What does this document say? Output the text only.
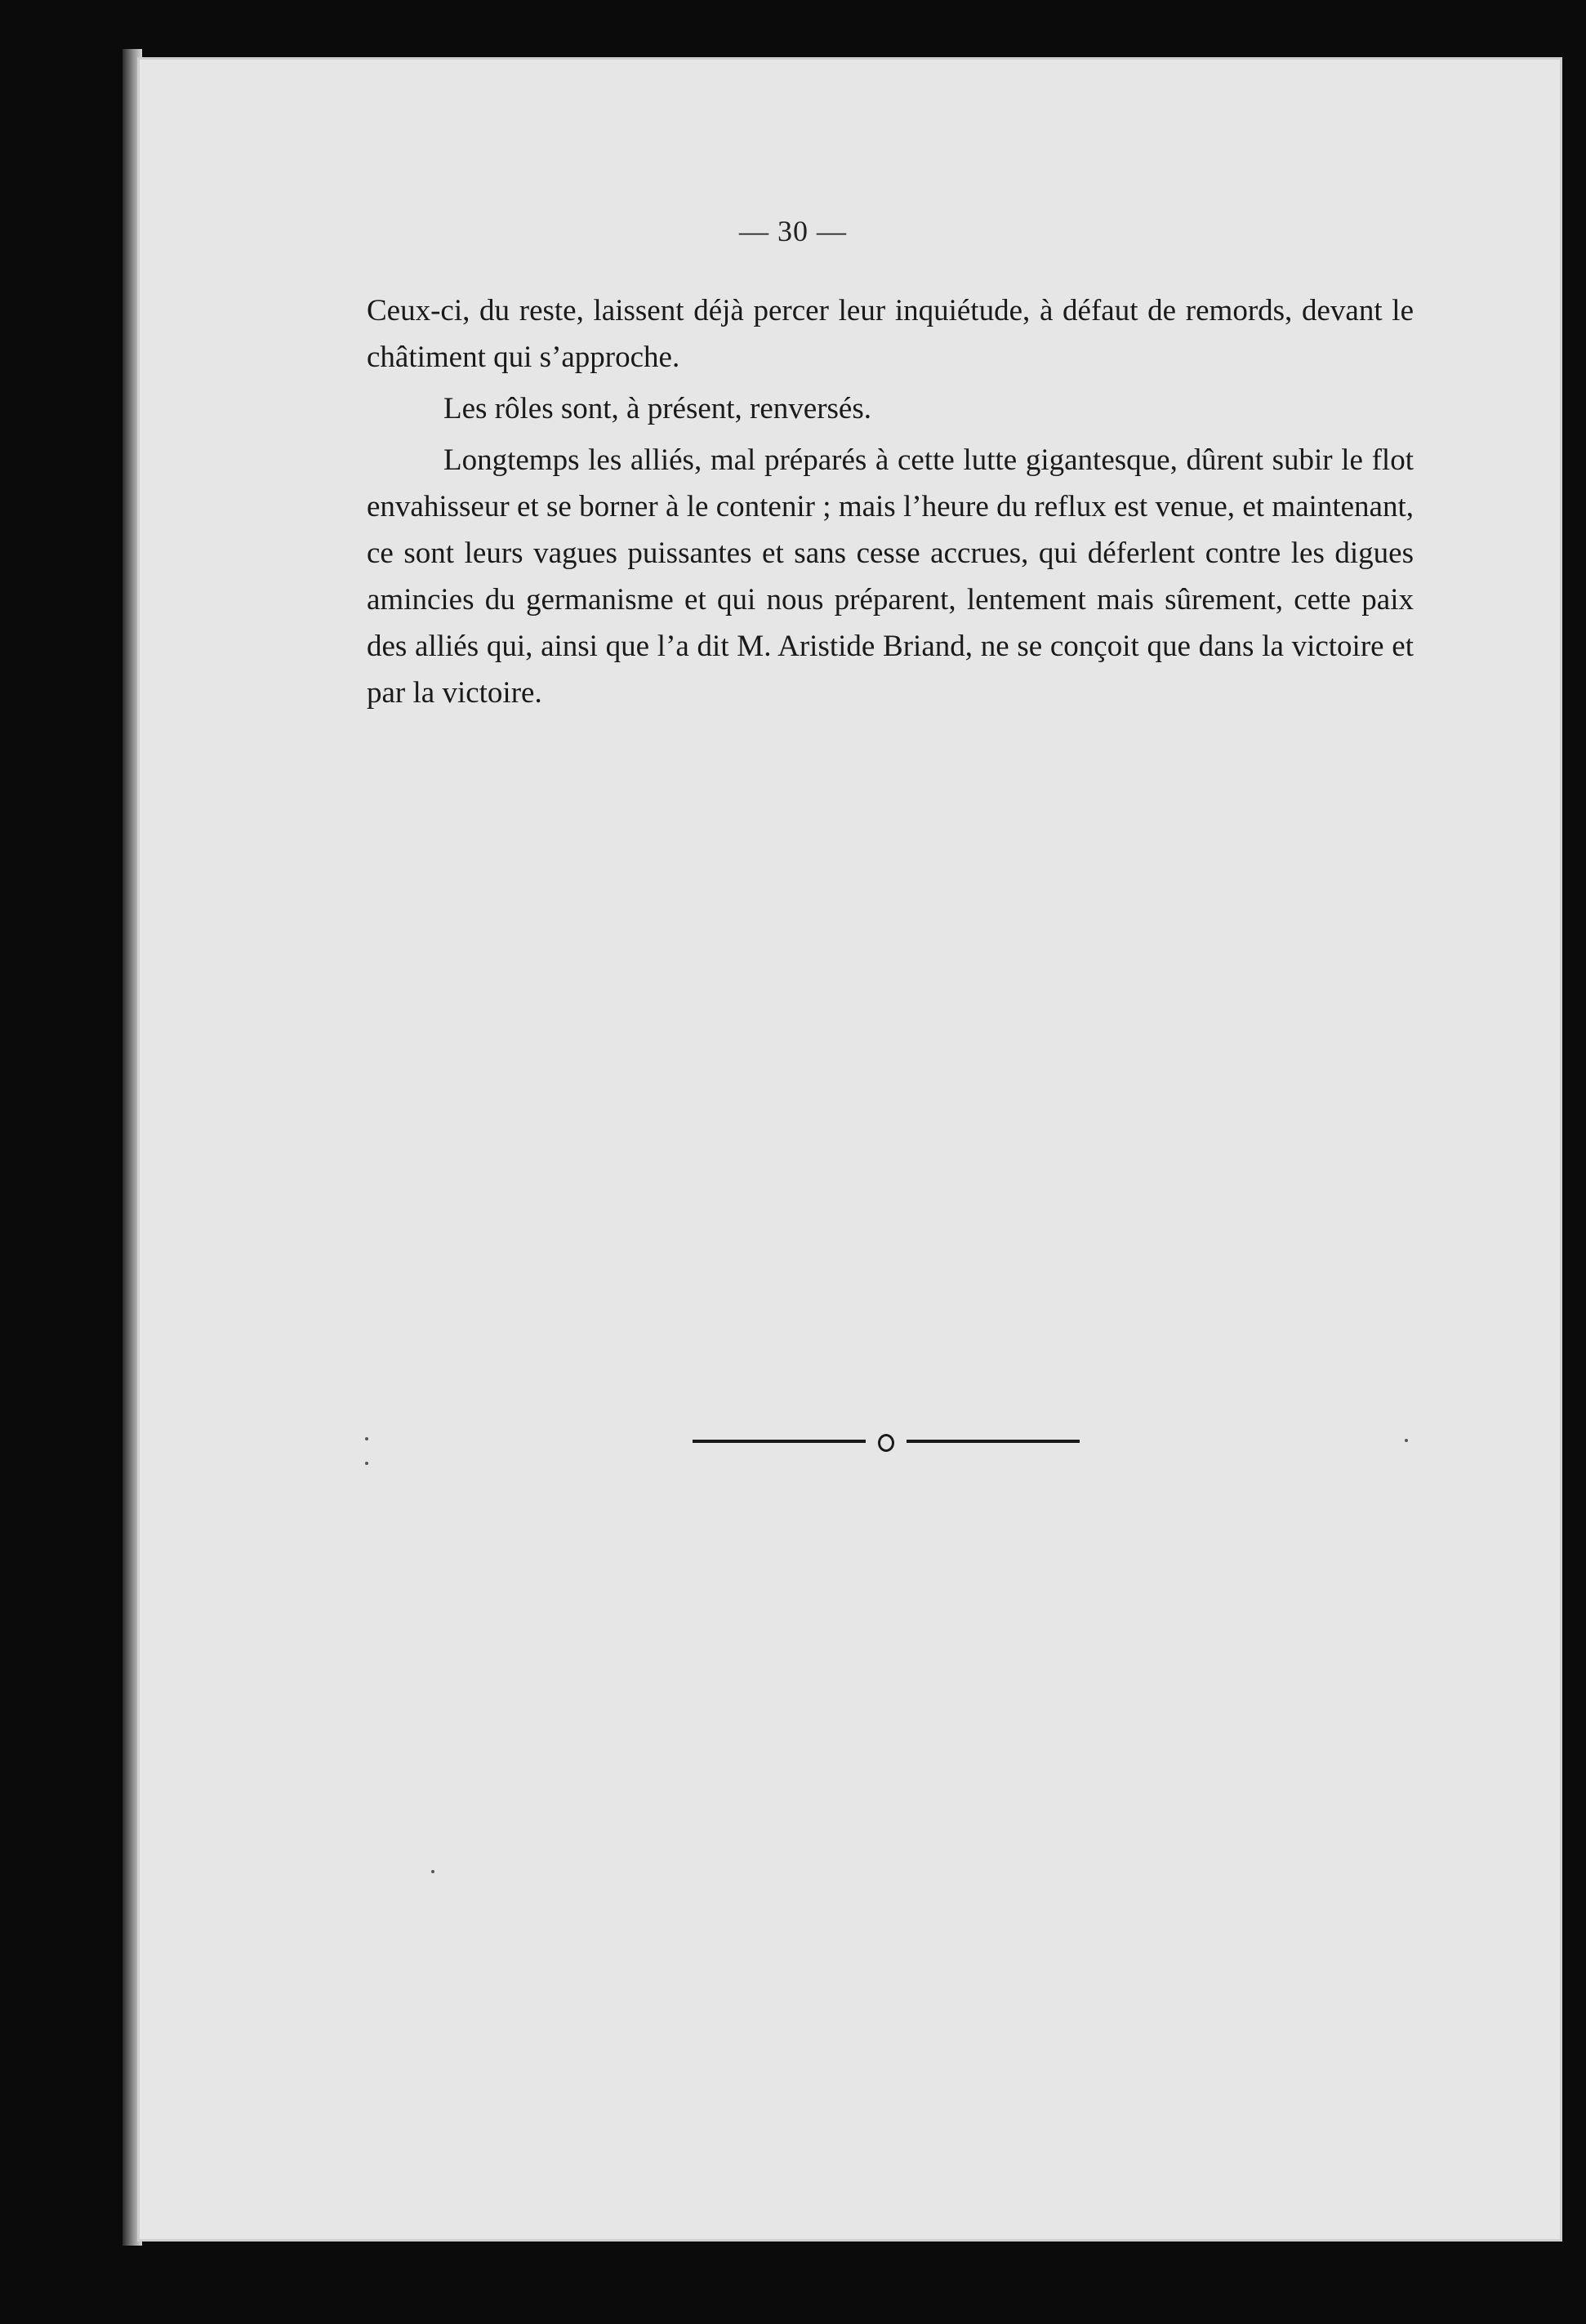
— 30 —

Ceux-ci, du reste, laissent déjà percer leur inquiétude, à défaut de remords, devant le châtiment qui s’approche.

Les rôles sont, à présent, renversés.

Longtemps les alliés, mal préparés à cette lutte gigantesque, dûrent subir le flot envahisseur et se borner à le contenir ; mais l’heure du reflux est venue, et maintenant, ce sont leurs vagues puissantes et sans cesse accrues, qui déferlent contre les digues amincies du germanisme et qui nous préparent, lentement mais sûrement, cette paix des alliés qui, ainsi que l’a dit M. Aristide Briand, ne se conçoit que dans la victoire et par la victoire.
